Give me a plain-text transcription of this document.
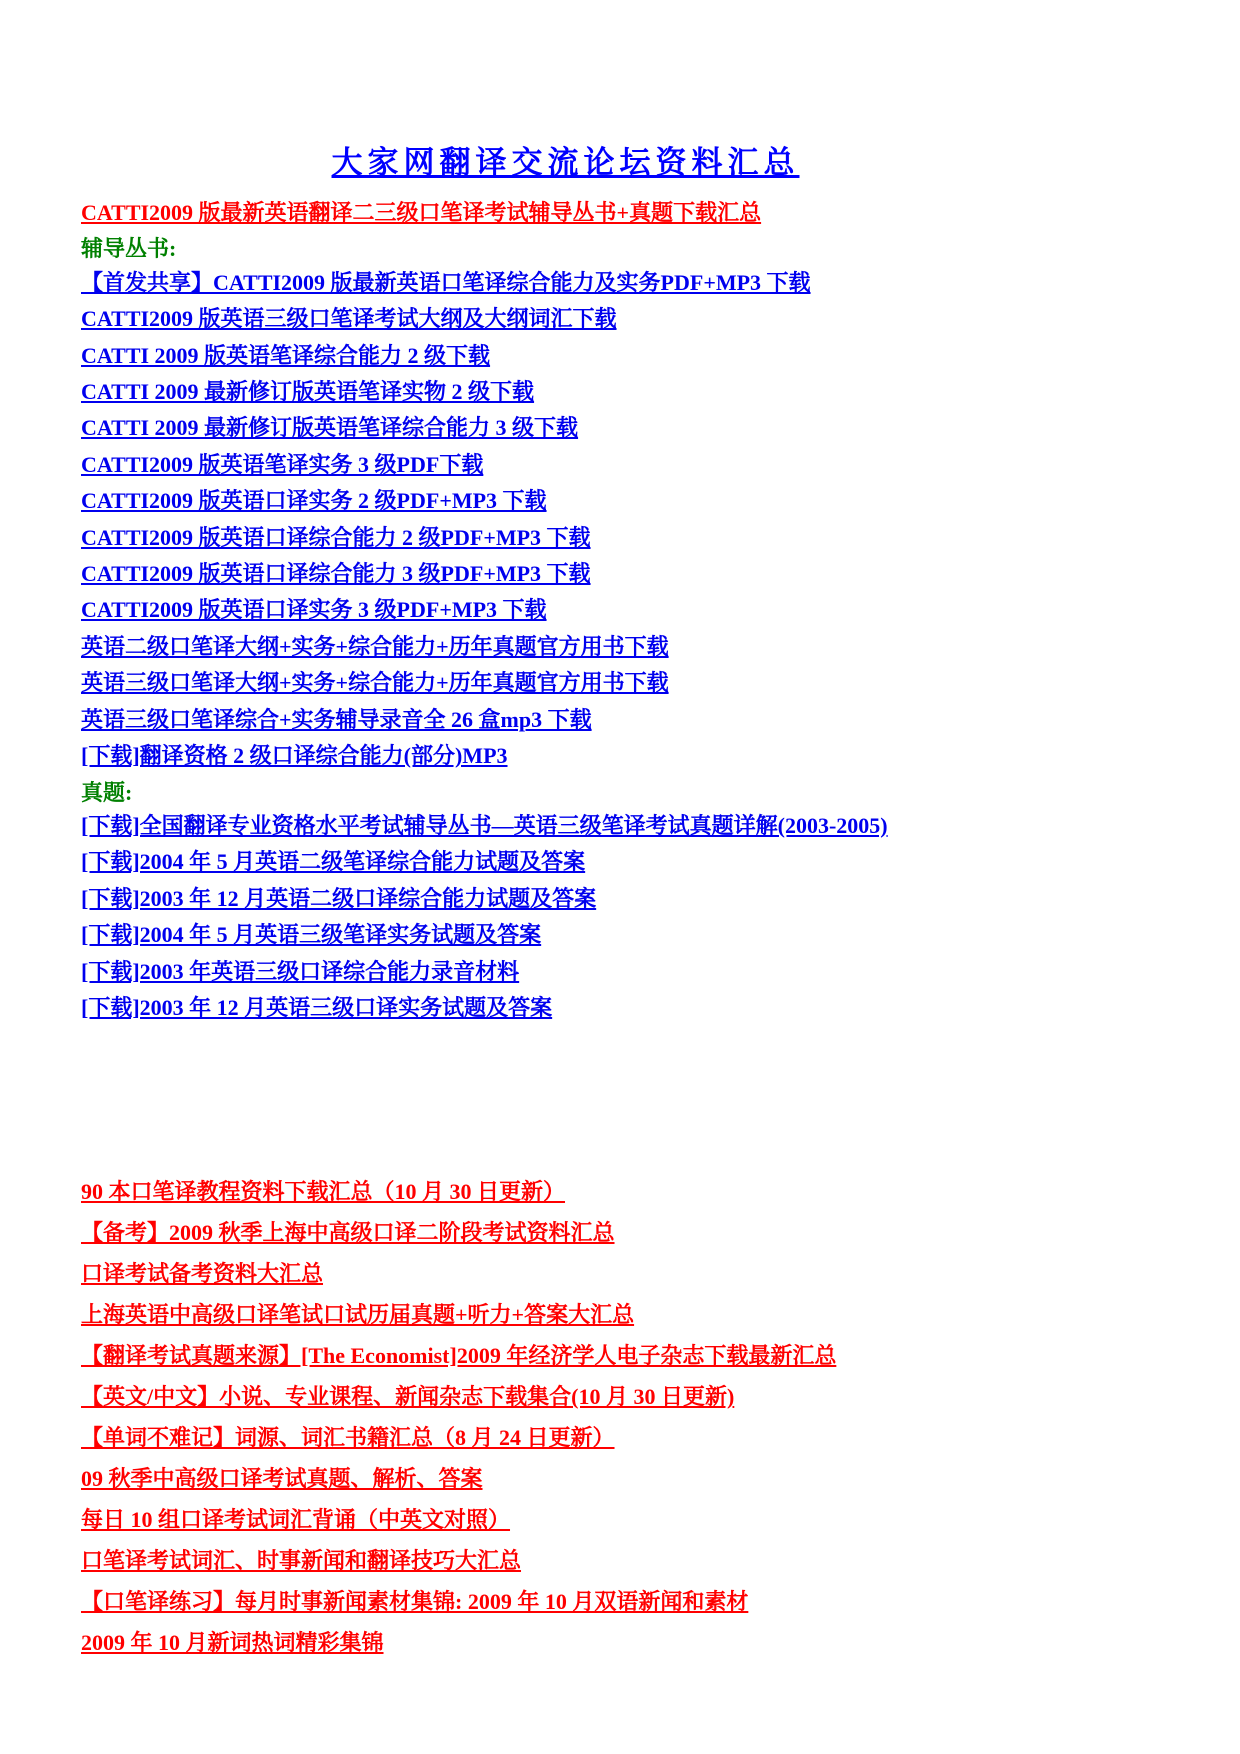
大家网翻译交流论坛资料汇总
CATTI2009 版最新英语翻译二三级口笔译考试辅导丛书+真题下载汇总
辅导丛书:
【首发共享】CATTI2009 版最新英语口笔译综合能力及实务PDF+MP3 下载
CATTI2009 版英语三级口笔译考试大纲及大纲词汇下载
CATTI 2009 版英语笔译综合能力 2 级下载
CATTI 2009 最新修订版英语笔译实物 2 级下载
CATTI 2009 最新修订版英语笔译综合能力 3 级下载
CATTI2009 版英语笔译实务 3 级PDF下载
CATTI2009 版英语口译实务 2 级PDF+MP3 下载
CATTI2009 版英语口译综合能力 2 级PDF+MP3 下载
CATTI2009 版英语口译综合能力 3 级PDF+MP3 下载
CATTI2009 版英语口译实务 3 级PDF+MP3 下载
英语二级口笔译大纲+实务+综合能力+历年真题官方用书下载
英语三级口笔译大纲+实务+综合能力+历年真题官方用书下载
英语三级口笔译综合+实务辅导录音全 26 盒mp3 下载
[下载]翻译资格 2 级口译综合能力(部分)MP3
真题:
[下载]全国翻译专业资格水平考试辅导丛书—英语三级笔译考试真题详解(2003-2005)
[下载]2004 年 5 月英语二级笔译综合能力试题及答案
[下载]2003 年 12 月英语二级口译综合能力试题及答案
[下载]2004 年 5 月英语三级笔译实务试题及答案
[下载]2003 年英语三级口译综合能力录音材料
[下载]2003 年 12 月英语三级口译实务试题及答案
90 本口笔译教程资料下载汇总（10 月 30 日更新）
【备考】2009 秋季上海中高级口译二阶段考试资料汇总
口译考试备考资料大汇总
上海英语中高级口译笔试口试历届真题+听力+答案大汇总
【翻译考试真题来源】[The Economist]2009 年经济学人电子杂志下载最新汇总
【英文/中文】小说、专业课程、新闻杂志下载集合(10 月 30 日更新)
【单词不难记】词源、词汇书籍汇总（8 月 24 日更新）
09 秋季中高级口译考试真题、解析、答案
每日 10 组口译考试词汇背诵（中英文对照）
口笔译考试词汇、时事新闻和翻译技巧大汇总
【口笔译练习】每月时事新闻素材集锦: 2009 年 10 月双语新闻和素材
2009 年 10 月新词热词精彩集锦
